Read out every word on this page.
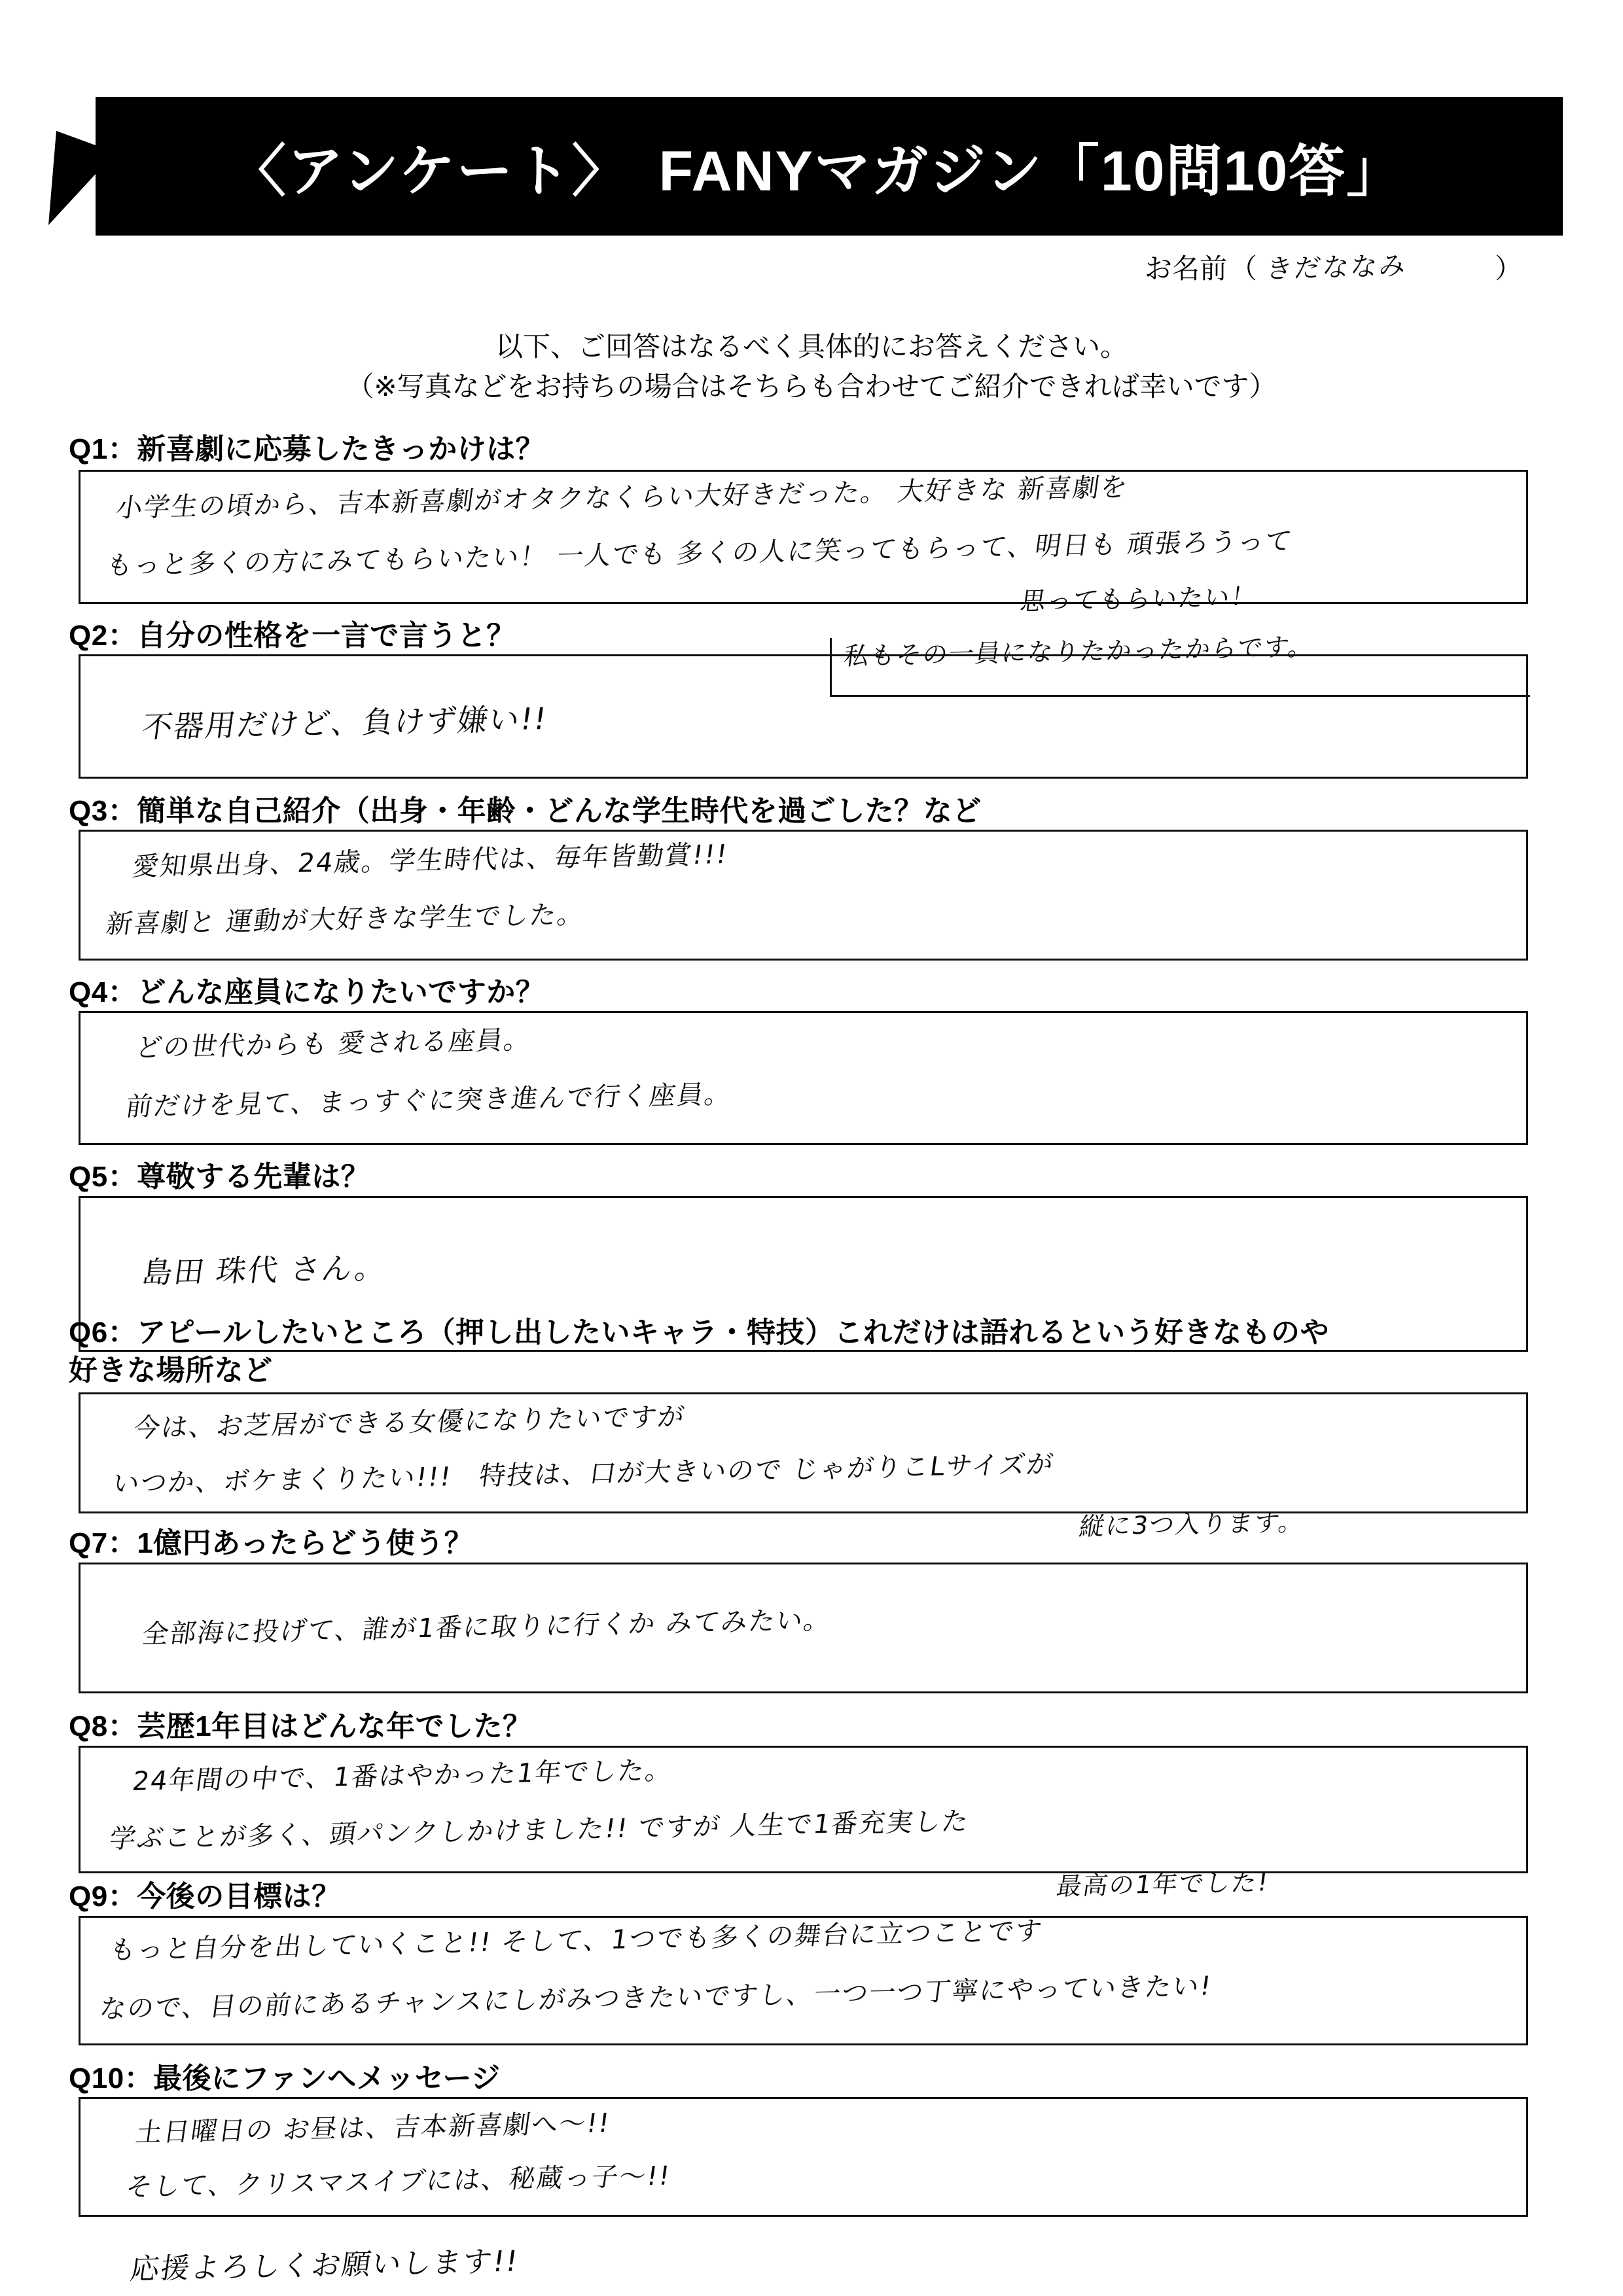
〈アンケート〉　FANYマガジン「10問10答」
お名前 （ きだななみ	）
以下、ご回答はなるべく具体的にお答えください。
（※写真などをお持ちの場合はそちらも合わせてご紹介できれば幸いです）
Q1：新喜劇に応募したきっかけは？
小学生の頃から、吉本新喜劇がオタクなくらい大好きだった。 大好きな 新喜劇を
もっと多くの方にみてもらいたい！ 一人でも 多くの人に笑ってもらって、明日も 頑張ろうって
思ってもらいたい！
Q2：自分の性格を一言で言うと？
不器用だけど、負けず嫌い!!
私もその一員になりたかったからです。
Q3：簡単な自己紹介（出身・年齢・どんな学生時代を過ごした？など
愛知県出身、24歳。学生時代は、毎年皆勤賞!!!
新喜劇と 運動が大好きな学生でした。
Q4：どんな座員になりたいですか？
どの世代からも 愛される座員。
前だけを見て、まっすぐに突き進んで行く座員。
Q5：尊敬する先輩は？
島田 珠代 さん。
Q6：アピールしたいところ（押し出したいキャラ・特技）これだけは語れるという好きなものや
好きな場所など
今は、お芝居ができる女優になりたいですが
いつか、ボケまくりたい!!!　特技は、口が大きいので じゃがりこLサイズが
縦に3つ入ります。
Q7：1億円あったらどう使う？
全部海に投げて、誰が1番に取りに行くか みてみたい。
Q8：芸歴1年目はどんな年でした？
24年間の中で、1番はやかった1年でした。
学ぶことが多く、頭パンクしかけました!! ですが 人生で1番充実した
最高の1年でした!
Q9：今後の目標は？
もっと自分を出していくこと!! そして、1つでも多くの舞台に立つことです
なので、目の前にあるチャンスにしがみつきたいですし、一つ一つ丁寧にやっていきたい!
Q10：最後にファンへメッセージ
土日曜日の お昼は、吉本新喜劇へ〜!!
そして、クリスマスイブには、秘蔵っ子〜!!
応援よろしくお願いします!!
